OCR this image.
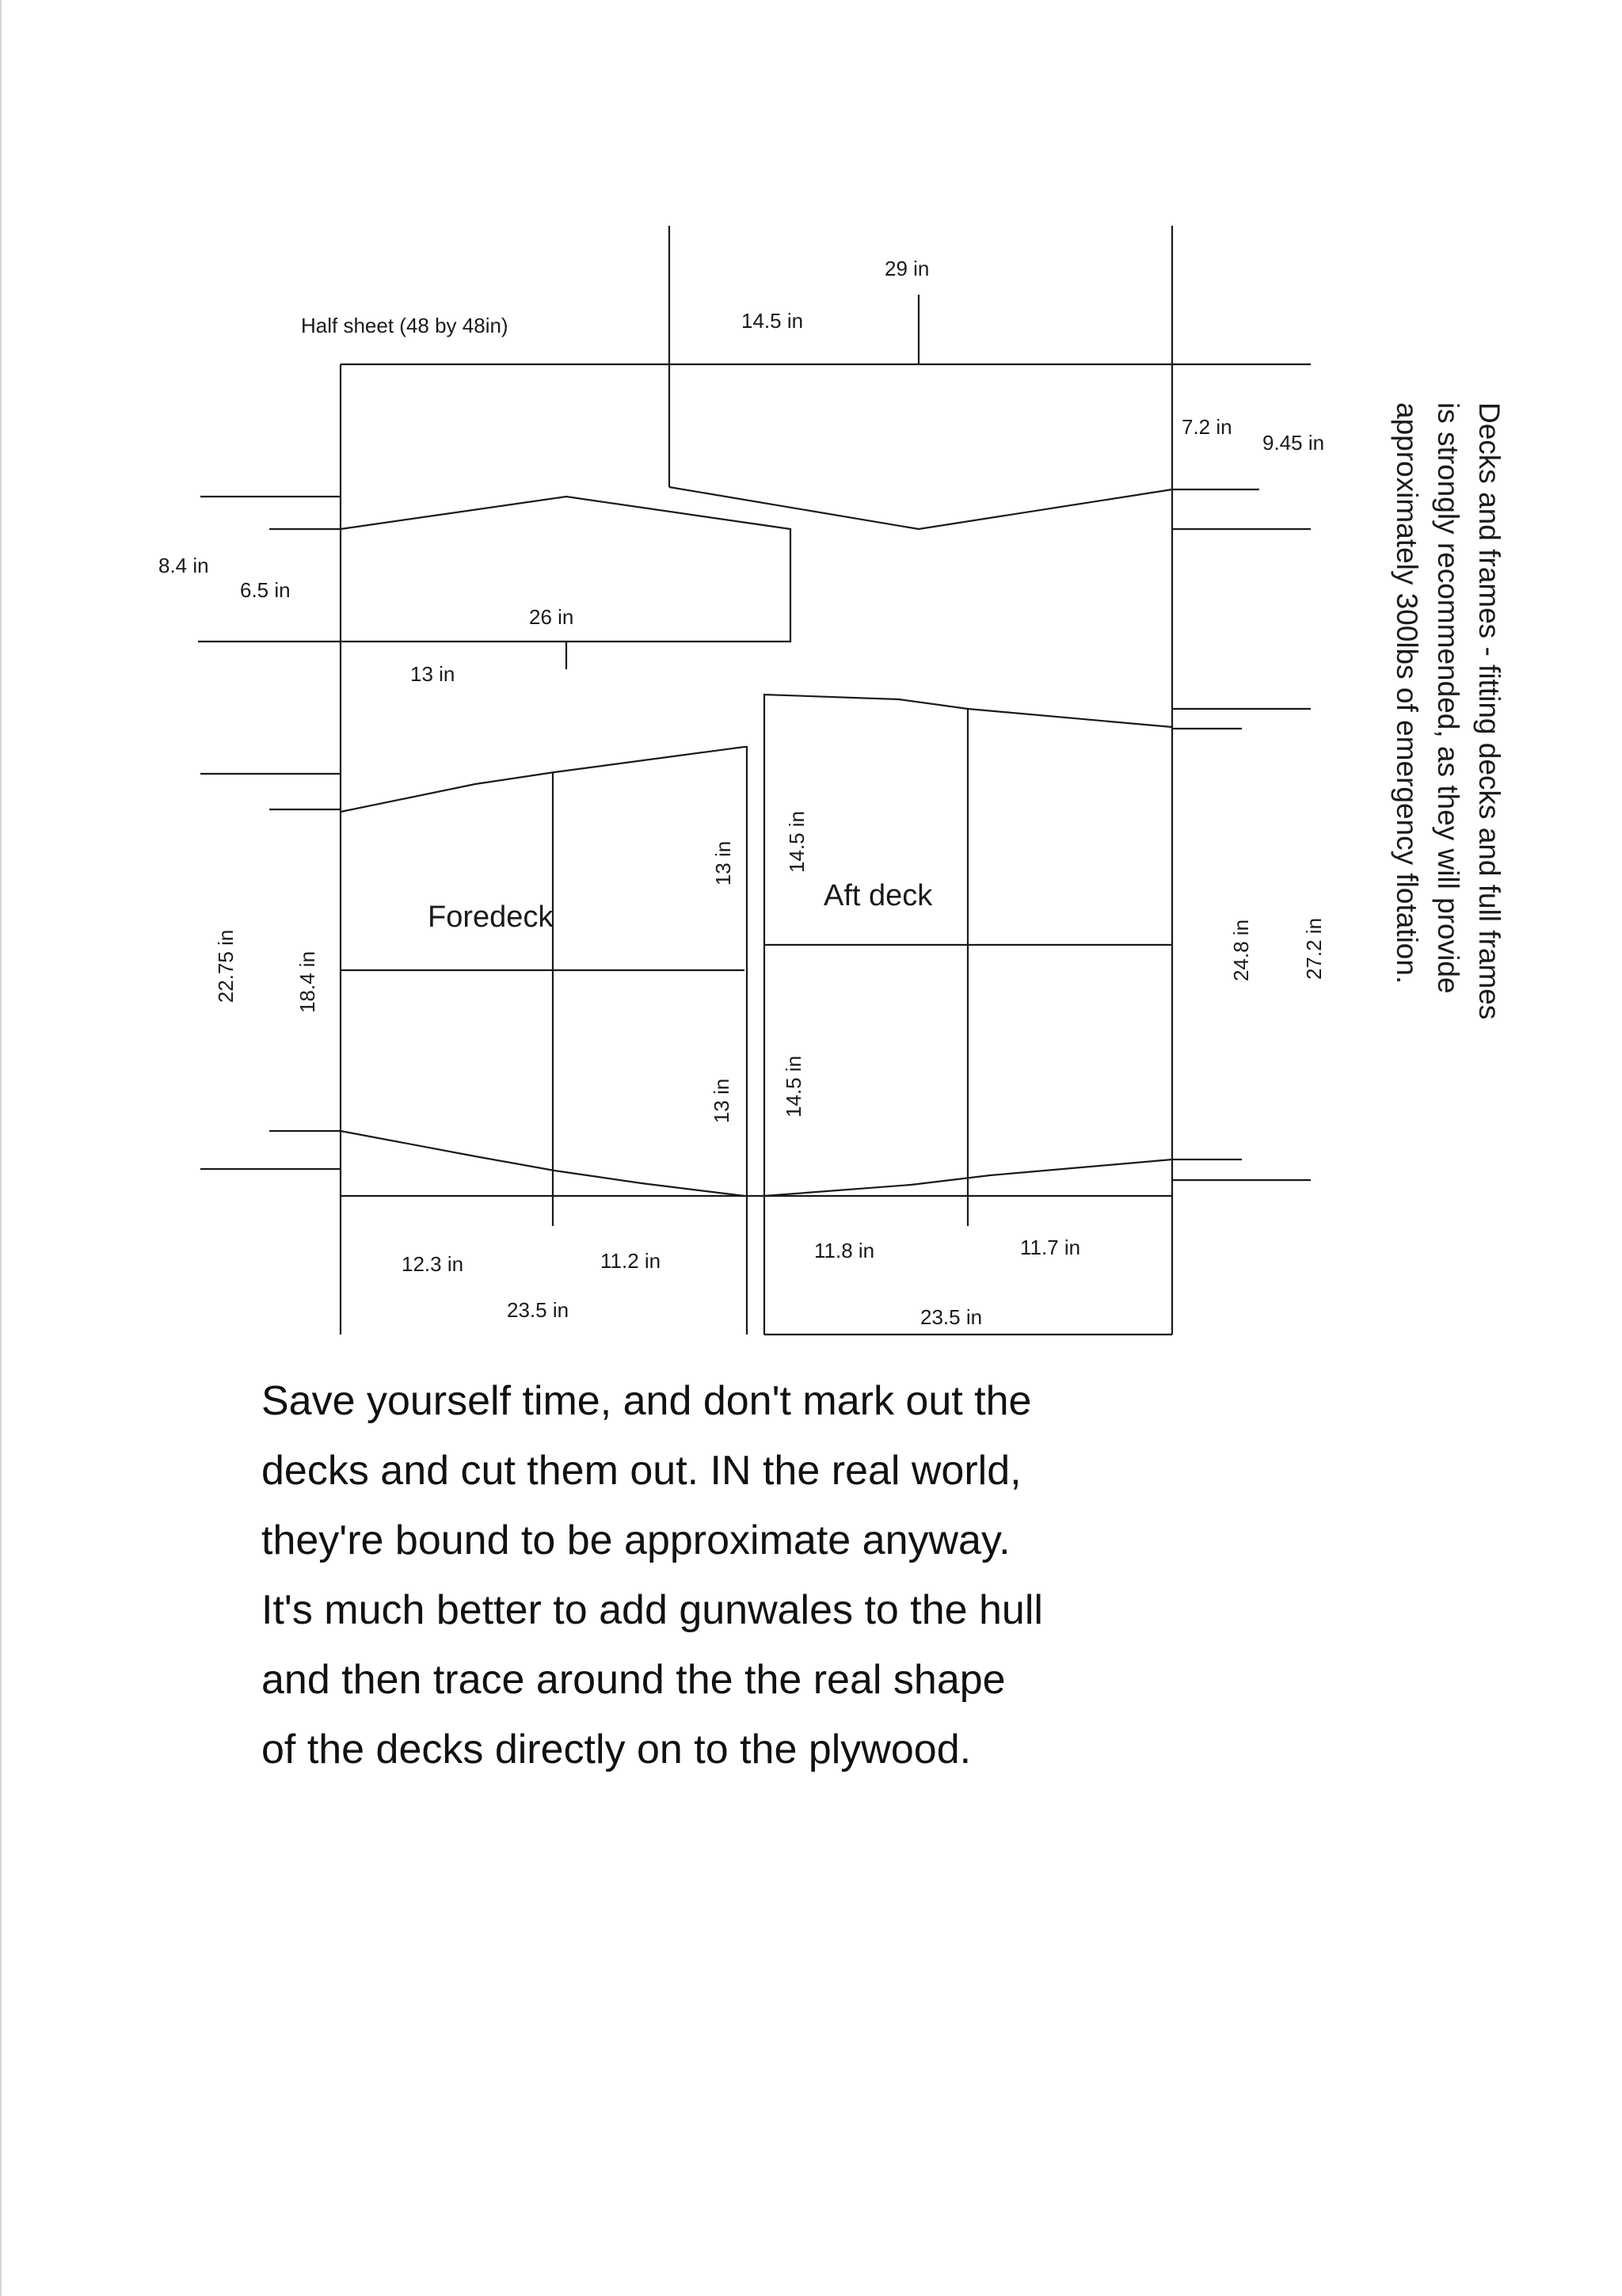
Half sheet (48 by 48in)
Foredeck
Aft deck
29 in
14.5 in
8.4 in
6.5 in
26 in
13 in
7.2 in
9.45 in
12.3 in	11.2 in
23.5 in
11.8 in	11.7 in
23.5 in
22.75 in	18.4 in
13 in
13 in
14.5 in
14.5 in
24.8 in 27.2 in	Decks and frames - fitting decks and full frames
is strongly recommended, as they will provide
approximately 300lbs of emergency flotation.
Save yourself time, and don't mark out the
decks and cut them out. IN the real world,
they're bound to be approximate anyway.
It's much better to add gunwales to the hull
and then trace around the the real shape
of the decks directly on to the plywood.
